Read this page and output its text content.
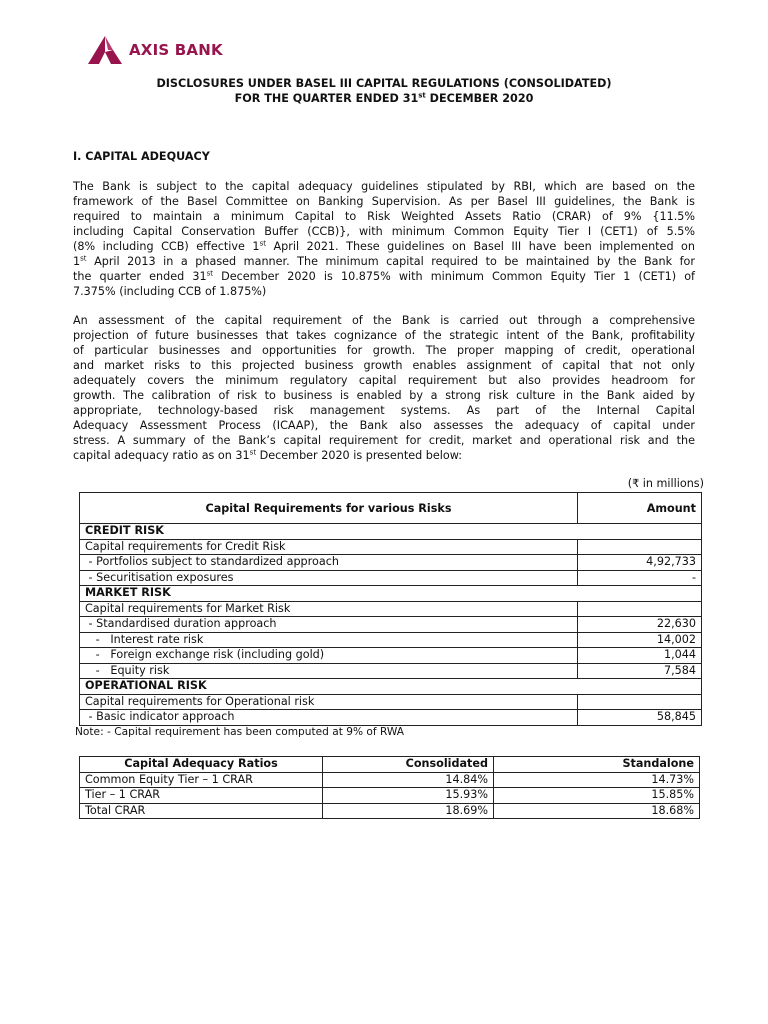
AXIS BANK
DISCLOSURES UNDER BASEL III CAPITAL REGULATIONS (CONSOLIDATED)
FOR THE QUARTER ENDED 31st DECEMBER 2020
I. CAPITAL ADEQUACY
The Bank is subject to the capital adequacy guidelines stipulated by RBI, which are based on the
framework of the Basel Committee on Banking Supervision. As per Basel III guidelines, the Bank is
required to maintain a minimum Capital to Risk Weighted Assets Ratio (CRAR) of 9% {11.5%
including Capital Conservation Buffer (CCB)}, with minimum Common Equity Tier I (CET1) of 5.5%
(8% including CCB) effective 1st April 2021. These guidelines on Basel III have been implemented on
1st April 2013 in a phased manner. The minimum capital required to be maintained by the Bank for
the quarter ended 31st December 2020 is 10.875% with minimum Common Equity Tier 1 (CET1) of
7.375% (including CCB of 1.875%)
An assessment of the capital requirement of the Bank is carried out through a comprehensive
projection of future businesses that takes cognizance of the strategic intent of the Bank, profitability
of particular businesses and opportunities for growth. The proper mapping of credit, operational
and market risks to this projected business growth enables assignment of capital that not only
adequately covers the minimum regulatory capital requirement but also provides headroom for
growth. The calibration of risk to business is enabled by a strong risk culture in the Bank aided by
appropriate, technology-based risk management systems. As part of the Internal Capital
Adequacy Assessment Process (ICAAP), the Bank also assesses the adequacy of capital under
stress. A summary of the Bank’s capital requirement for credit, market and operational risk and the
capital adequacy ratio as on 31st December 2020 is presented below:
(₹ in millions)
Capital Requirements for various Risks	Amount
CREDIT RISK	
Capital requirements for Credit Risk	
- Portfolios subject to standardized approach	4,92,733
- Securitisation exposures	-
MARKET RISK	
Capital requirements for Market Risk	
- Standardised duration approach	22,630
-   Interest rate risk	14,002
-   Foreign exchange risk (including gold)	1,044
-   Equity risk	7,584
OPERATIONAL RISK	
Capital requirements for Operational risk	
- Basic indicator approach	58,845
Note: - Capital requirement has been computed at 9% of RWA
Capital Adequacy Ratios	Consolidated	Standalone
Common Equity Tier – 1 CRAR	14.84%	14.73%
Tier – 1 CRAR	15.93%	15.85%
Total CRAR	18.69%	18.68%
